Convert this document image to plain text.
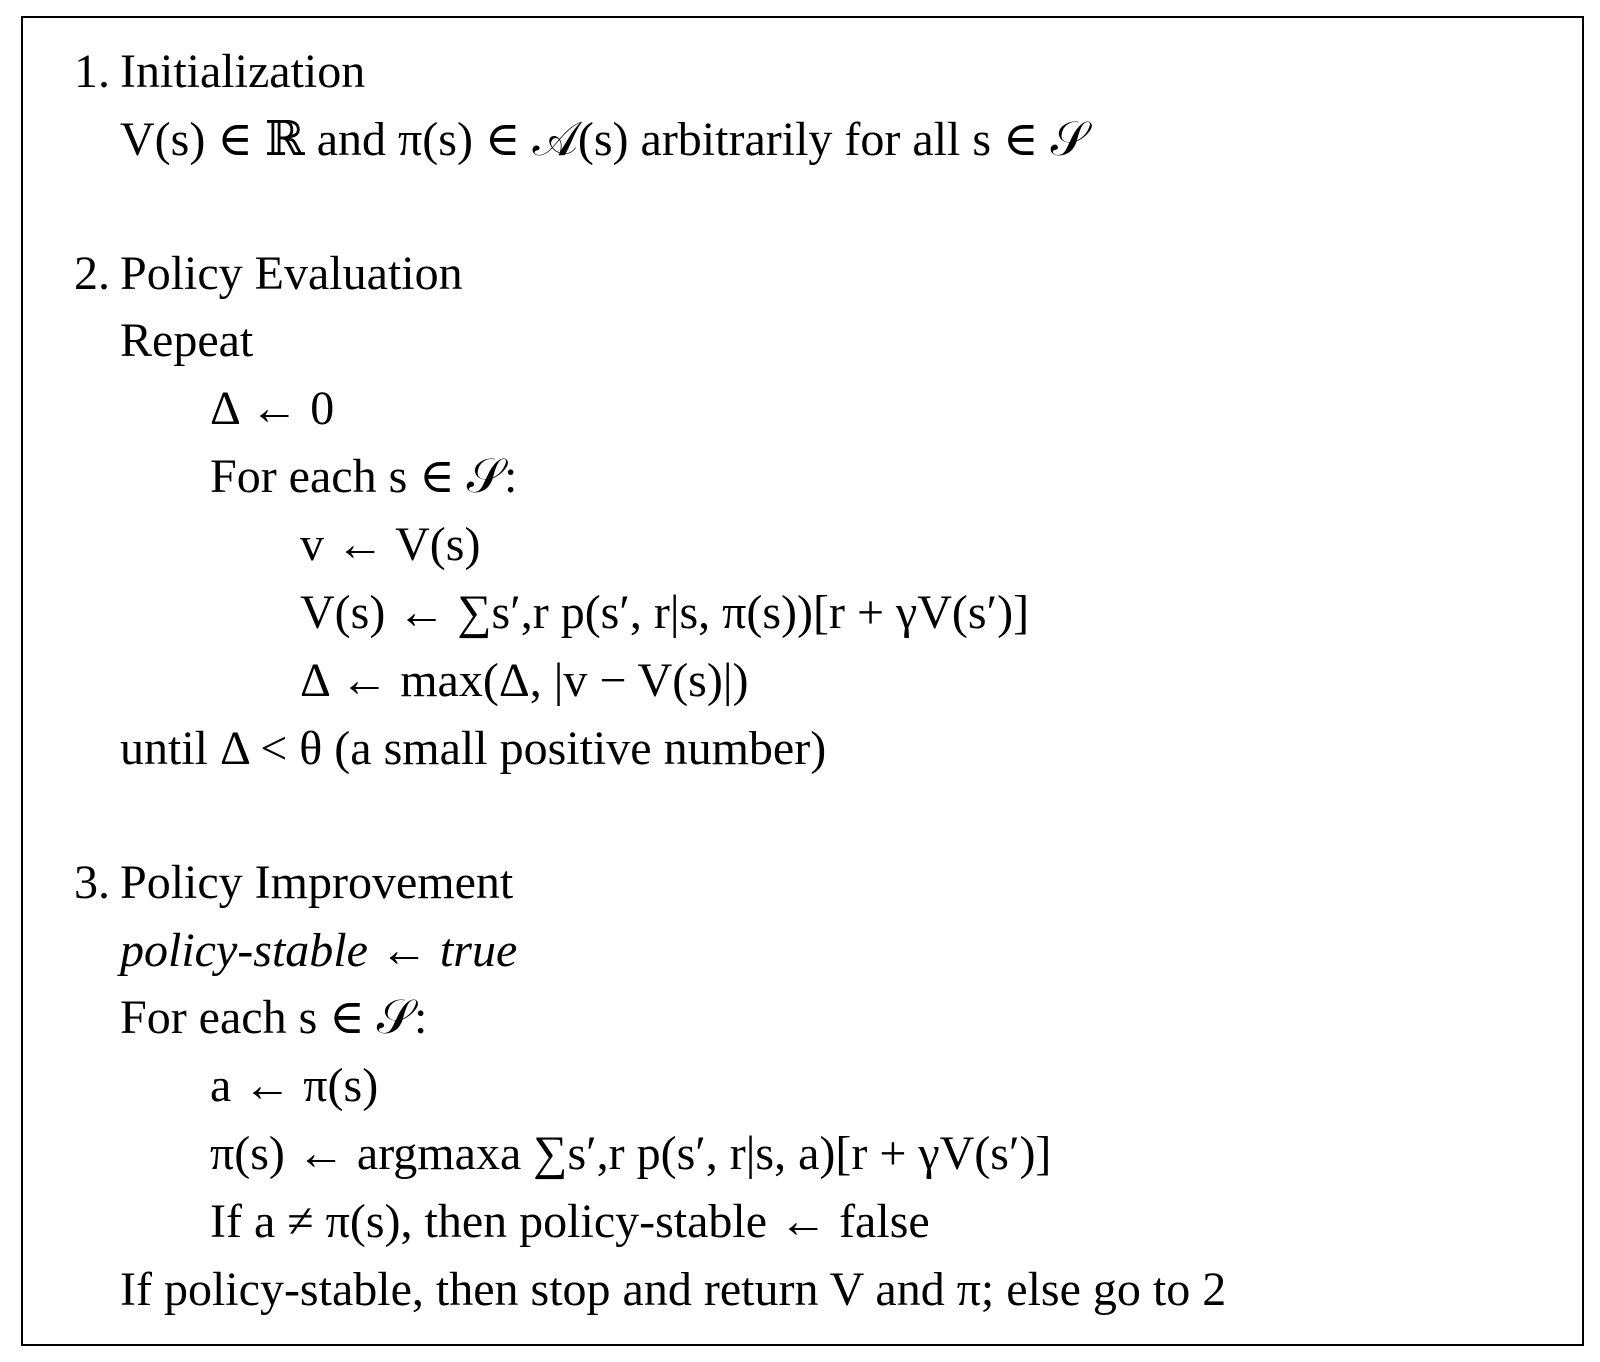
1. Initialization
V(s) ∈ ℝ and π(s) ∈ 𝒜(s) arbitrarily for all s ∈ 𝒮
2. Policy Evaluation
Repeat
Δ ← 0
For each s ∈ 𝒮:
v ← V(s)
V(s) ← ∑s′,r p(s′, r|s, π(s))[r + γV(s′)]
Δ ← max(Δ, |v − V(s)|)
until Δ < θ (a small positive number)
3. Policy Improvement
policy-stable ← true
For each s ∈ 𝒮:
a ← π(s)
π(s) ← argmaxa ∑s′,r p(s′, r|s, a)[r + γV(s′)]
If a ≠ π(s), then policy-stable ← false
If policy-stable, then stop and return V and π; else go to 2
